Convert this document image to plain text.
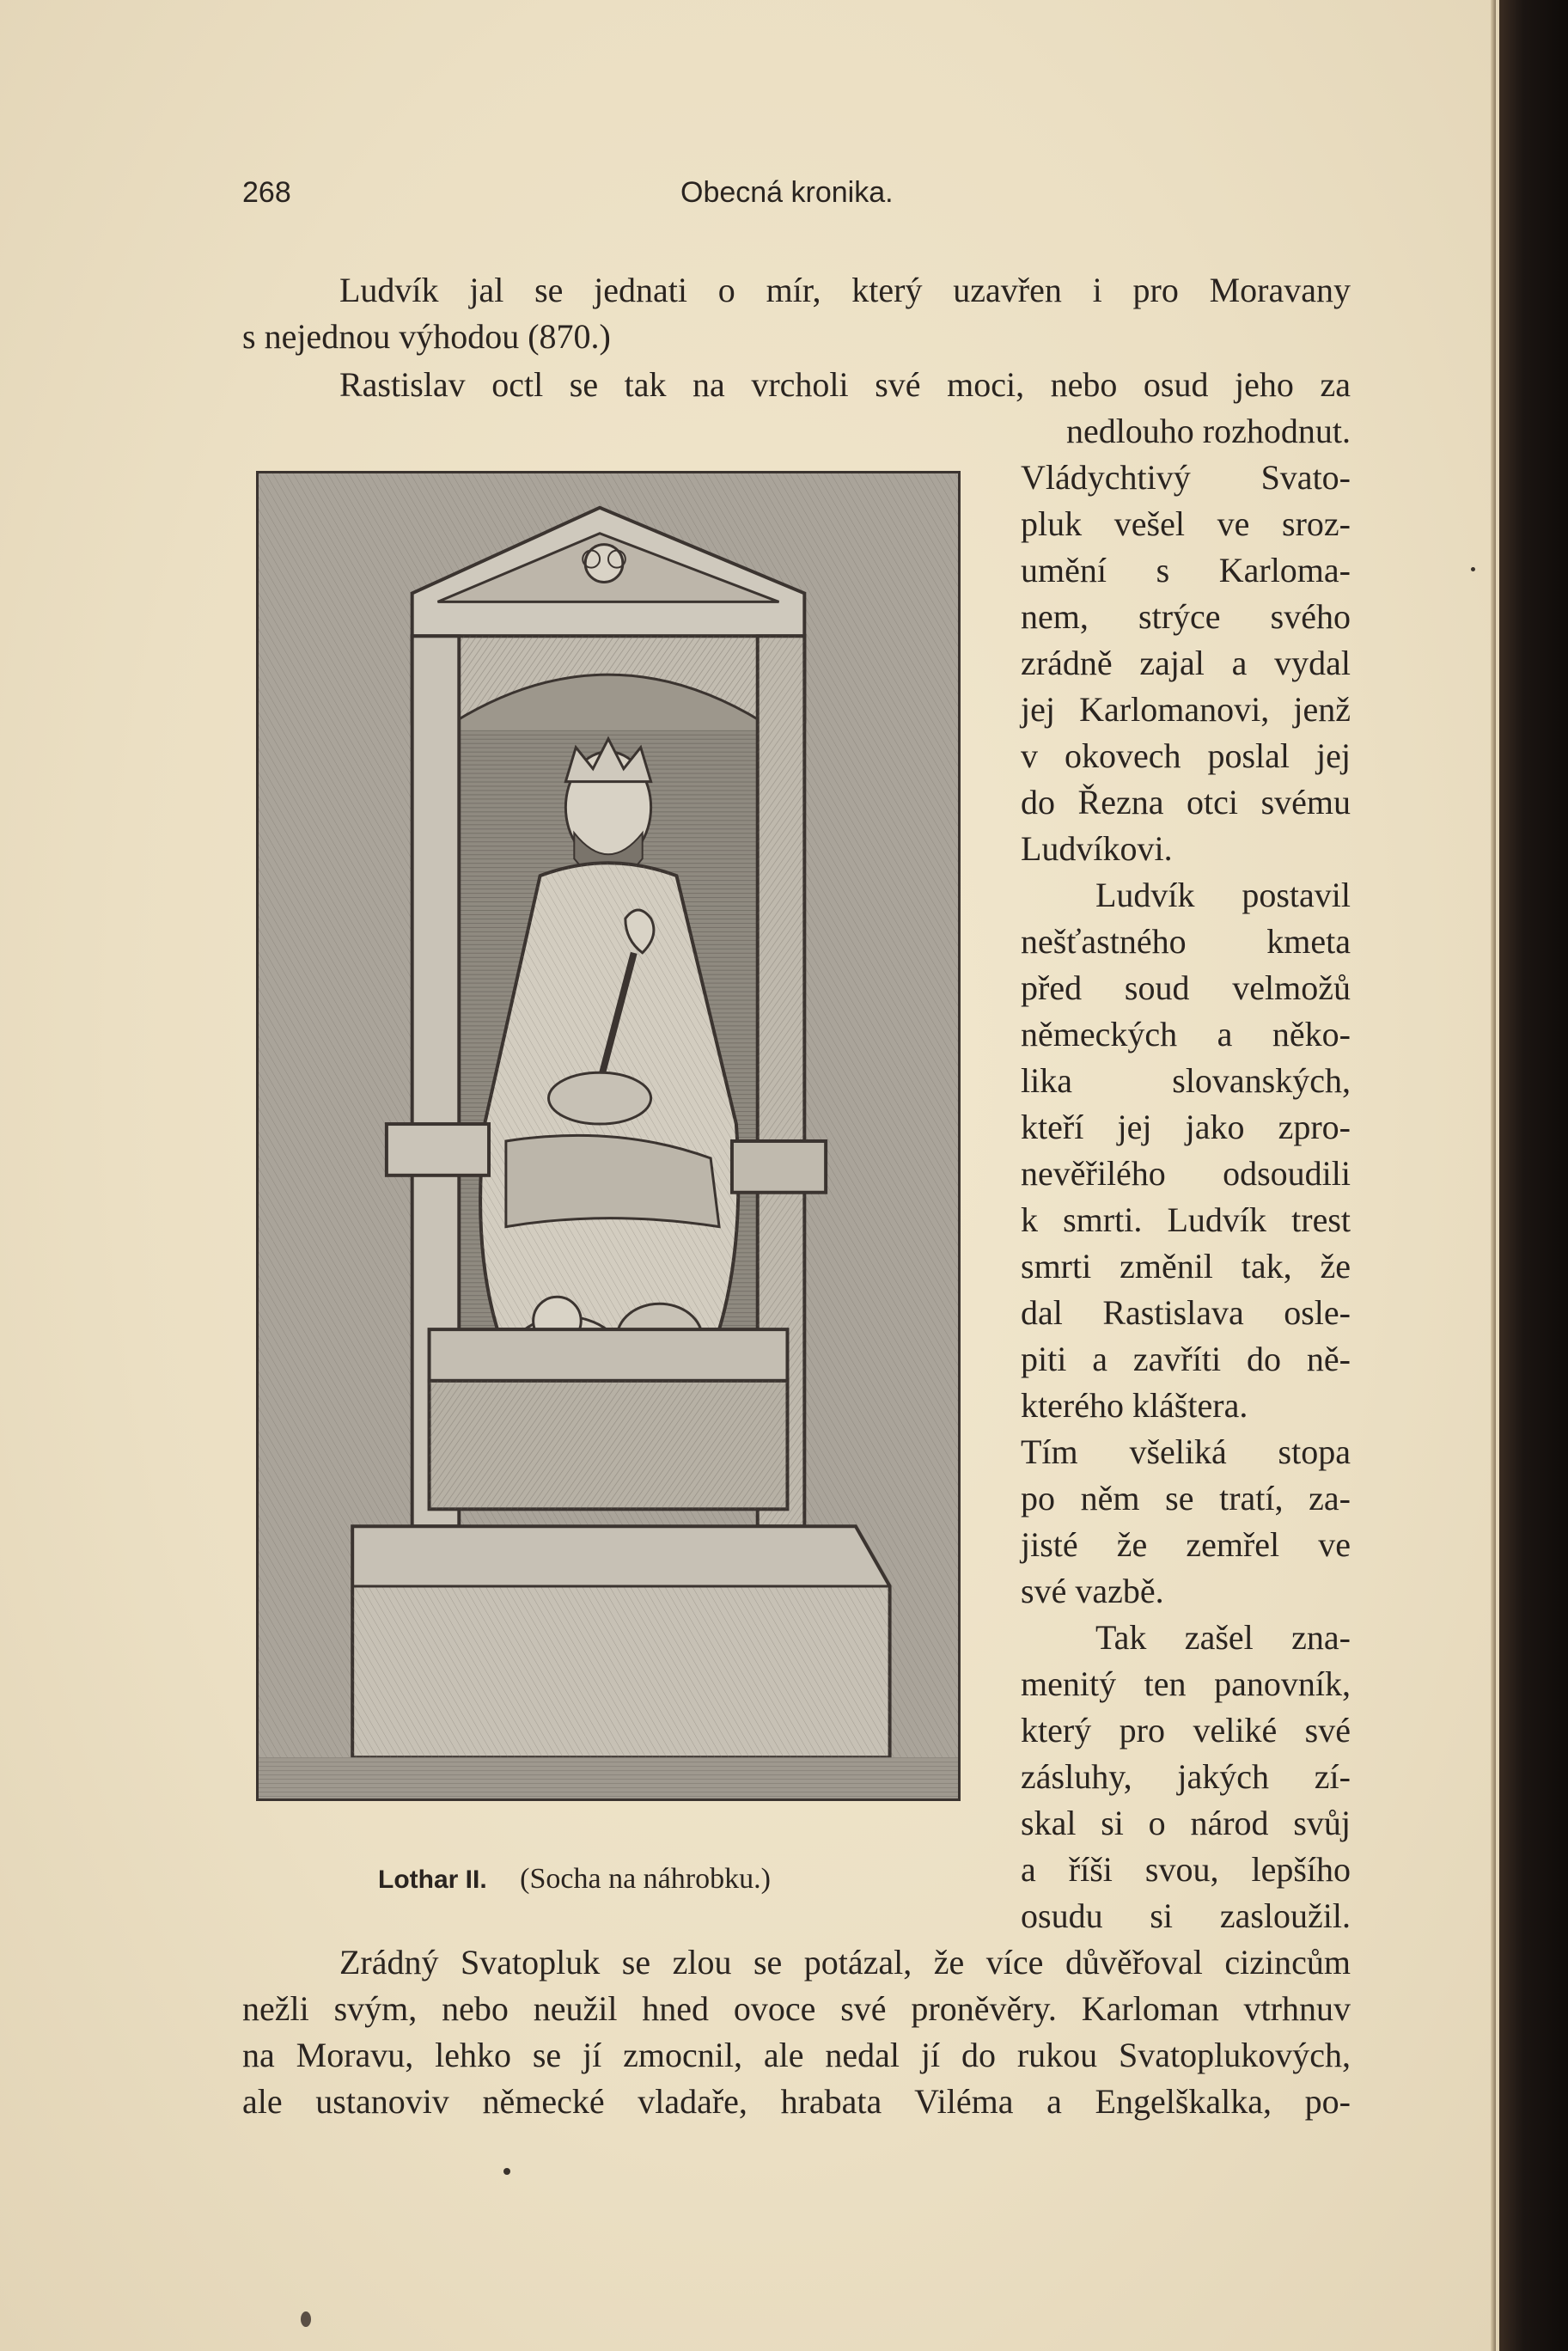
268	Obecná kronika.
Ludvík jal se jednati o mír, který uzavřen i pro Moravany
s nejednou výhodou (870.)
Rastislav octl se tak na vrcholi své moci, nebo osud jeho za
nedlouho rozhodnut.
Vládychtivý Svato-
pluk vešel ve sroz-
umění s Karloma-
nem, strýce svého
zrádně zajal a vydal
jej Karlomanovi, jenž
v okovech poslal jej
do Řezna otci svému
Ludvíkovi.
Ludvík postavil
nešťastného kmeta
před soud velmožů
německých a něko-
lika slovanských,
kteří jej jako zpro-
nevěřilého odsoudili
k smrti. Ludvík trest
smrti změnil tak, že
dal Rastislava osle-
piti a zavříti do ně-
kterého kláštera.
Tím všeliká stopa
po něm se tratí, za-
jisté že zemřel ve
své vazbě.
Tak zašel zna-
menitý ten panovník,
který pro veliké své
zásluhy, jakých zí-
skal si o národ svůj
a říši svou, lepšího
osudu si zasloužil.
Lothar II. (Socha na náhrobku.)
Zrádný Svatopluk se zlou se potázal, že více důvěřoval cizincům
nežli svým, nebo neužil hned ovoce své proněvěry. Karloman vtrhnuv
na Moravu, lehko se jí zmocnil, ale nedal jí do rukou Svatoplukových,
ale ustanoviv německé vladaře, hrabata Viléma a Engelškalka, po-
